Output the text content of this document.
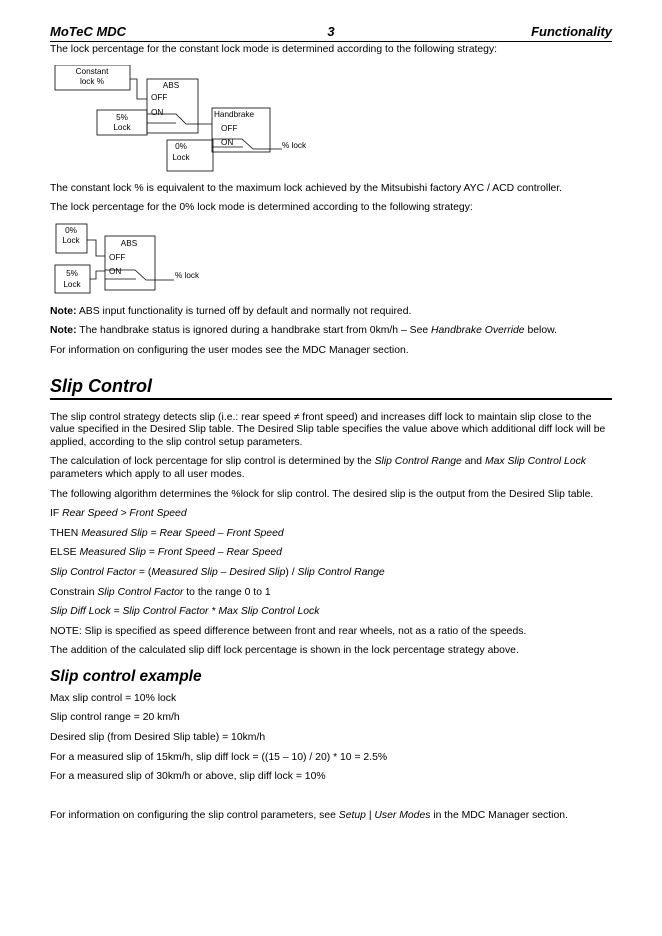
MoTeC MDC	3	Functionality

The lock percentage for the constant lock mode is determined according to the following strategy:

Constant
lock %	ABS
OFF
ON
5%
Lock
Handbrake
OFF
ON
0%
Lock
% lock

The constant lock % is equivalent to the maximum lock achieved by the Mitsubishi factory AYC / ACD controller.

The lock percentage for the 0% lock mode is determined according to the following strategy:

0%
Lock	ABS
OFF
ON
5%
Lock
% lock

Note: ABS input functionality is turned off by default and normally not required.

Note: The handbrake status is ignored during a handbrake start from 0km/h – See Handbrake Override below.

For information on configuring the user modes see the MDC Manager section.

Slip Control

The slip control strategy detects slip (i.e.: rear speed ≠ front speed) and increases diff lock to maintain slip close to the value specified in the Desired Slip table. The Desired Slip table specifies the value above which additional diff lock will be applied, according to the slip control setup parameters.

The calculation of lock percentage for slip control is determined by the Slip Control Range and Max Slip Control Lock parameters which apply to all user modes.

The following algorithm determines the %lock for slip control. The desired slip is the output from the Desired Slip table.

IF Rear Speed > Front Speed

THEN Measured Slip = Rear Speed – Front Speed

ELSE Measured Slip = Front Speed – Rear Speed

Slip Control Factor = (Measured Slip – Desired Slip) / Slip Control Range

Constrain Slip Control Factor to the range 0 to 1

Slip Diff Lock = Slip Control Factor * Max Slip Control Lock

NOTE: Slip is specified as speed difference between front and rear wheels, not as a ratio of the speeds.

The addition of the calculated slip diff lock percentage is shown in the lock percentage strategy above.

Slip control example

Max slip control = 10% lock

Slip control range = 20 km/h

Desired slip (from Desired Slip table) = 10km/h

For a measured slip of 15km/h, slip diff lock = ((15 – 10) / 20) * 10 = 2.5%

For a measured slip of 30km/h or above, slip diff lock = 10%

For information on configuring the slip control parameters, see Setup | User Modes in the MDC Manager section.
